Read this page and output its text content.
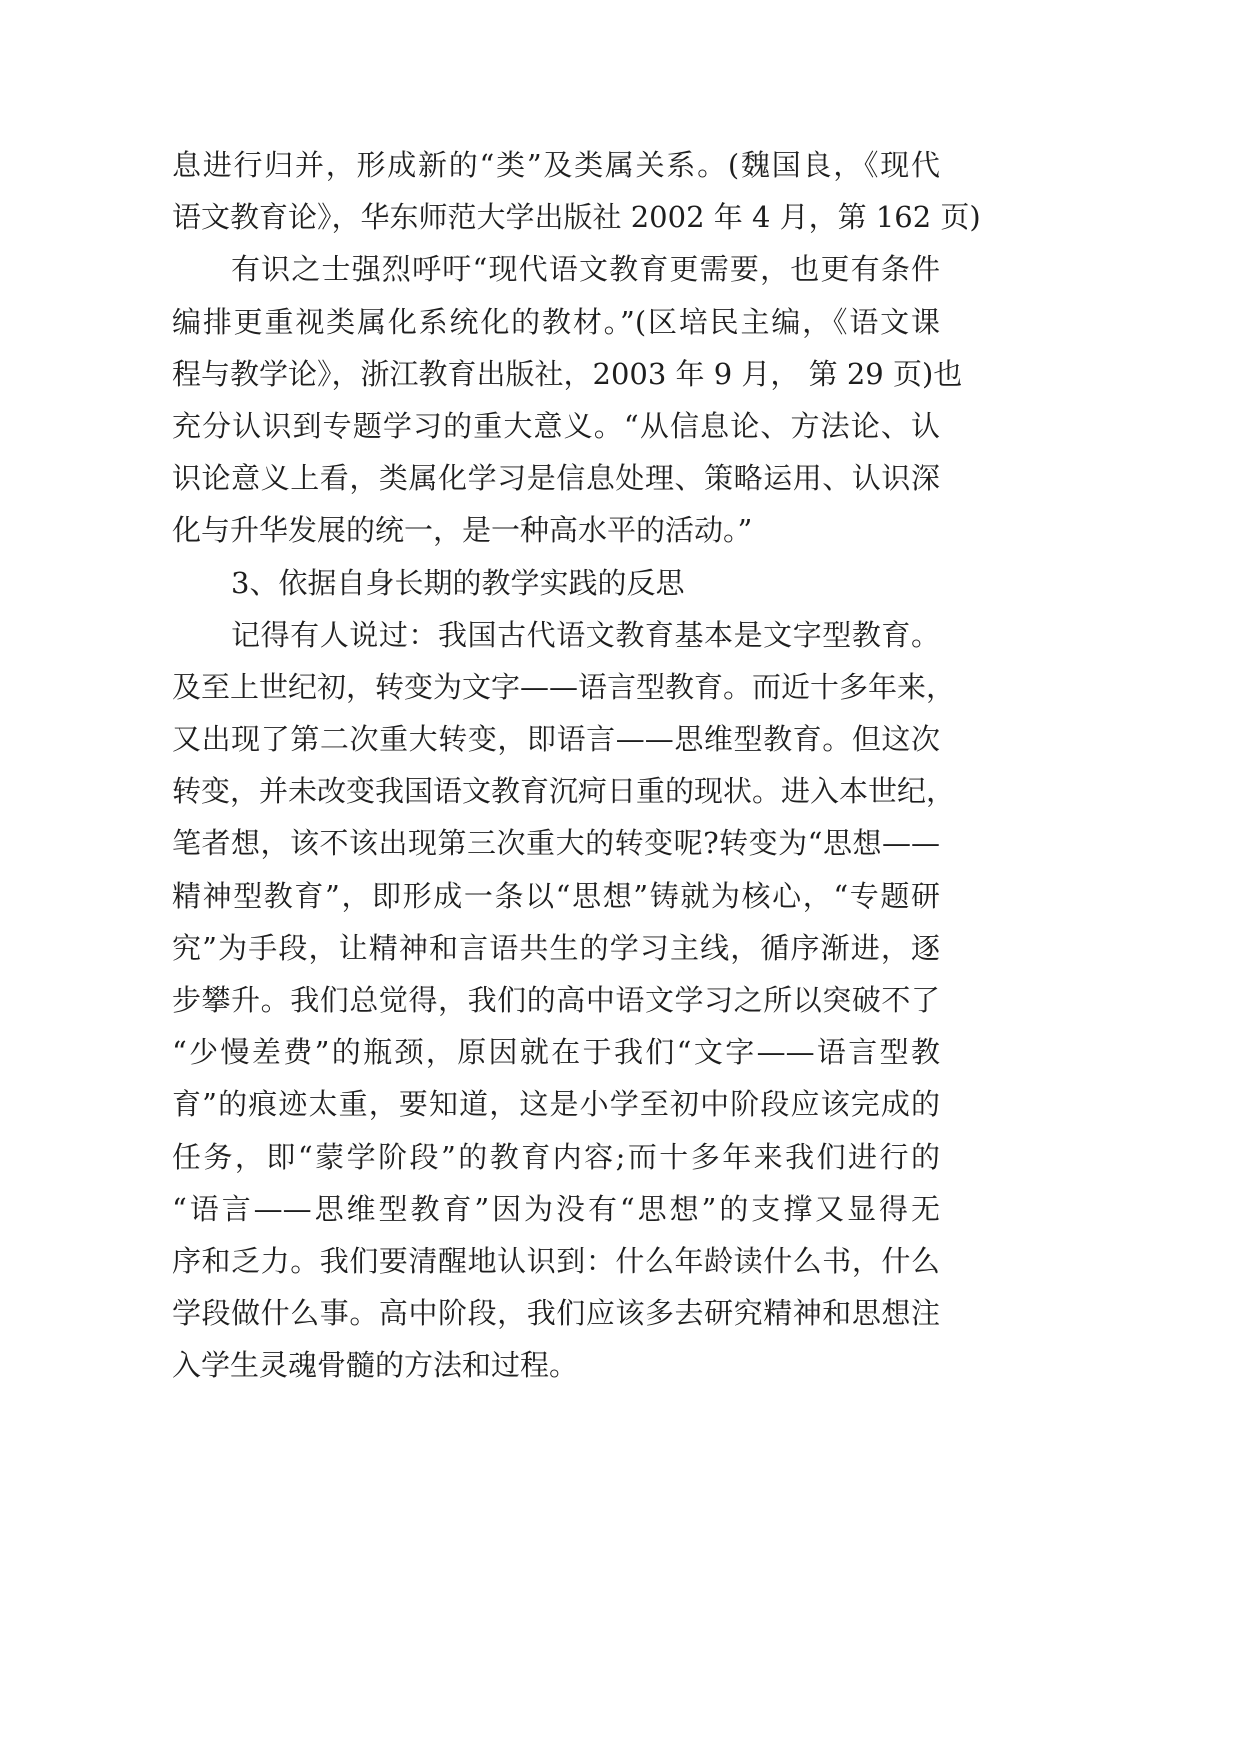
息进行归并，形成新的“类”及类属关系。(魏国良，《现代
语文教育论》，华东师范大学出版社 2002 年 4 月，第 162 页)
有识之士强烈呼吁“现代语文教育更需要，也更有条件
编排更重视类属化系统化的教材。”(区培民主编，《语文课
程与教学论》，浙江教育出版社，2003 年 9 月， 第 29 页)也
充分认识到专题学习的重大意义。“从信息论、方法论、认
识论意义上看，类属化学习是信息处理、策略运用、认识深
化与升华发展的统一，是一种高水平的活动。”
3、依据自身长期的教学实践的反思
记得有人说过：我国古代语文教育基本是文字型教育。
及至上世纪初，转变为文字——语言型教育。而近十多年来，
又出现了第二次重大转变，即语言——思维型教育。但这次
转变，并未改变我国语文教育沉疴日重的现状。进入本世纪，
笔者想，该不该出现第三次重大的转变呢?转变为“思想——
精神型教育”，即形成一条以“思想”铸就为核心，“专题研
究”为手段，让精神和言语共生的学习主线，循序渐进，逐
步攀升。我们总觉得，我们的高中语文学习之所以突破不了
“少慢差费”的瓶颈，原因就在于我们“文字——语言型教
育”的痕迹太重，要知道，这是小学至初中阶段应该完成的
任务，即“蒙学阶段”的教育内容;而十多年来我们进行的
“语言——思维型教育”因为没有“思想”的支撑又显得无
序和乏力。我们要清醒地认识到：什么年龄读什么书，什么
学段做什么事。高中阶段，我们应该多去研究精神和思想注
入学生灵魂骨髓的方法和过程。
